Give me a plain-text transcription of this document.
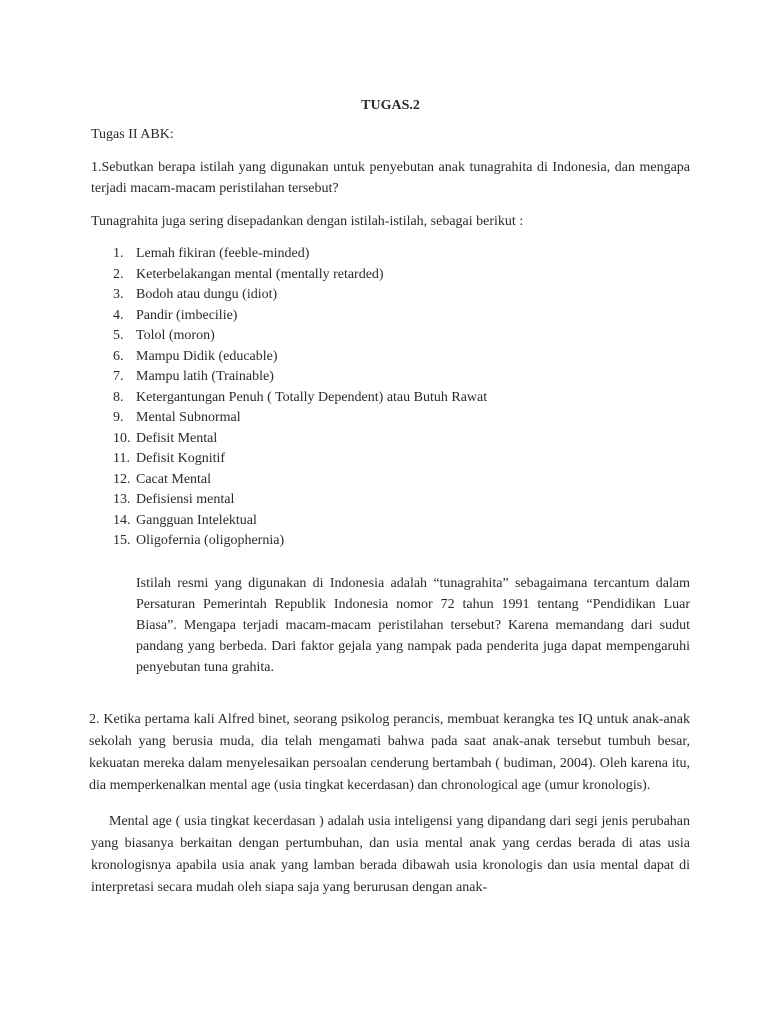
TUGAS.2

Tugas II ABK:

1.Sebutkan berapa istilah yang digunakan untuk penyebutan anak tunagrahita di Indonesia, dan mengapa terjadi macam-macam peristilahan tersebut?

Tunagrahita juga sering disepadankan dengan istilah-istilah, sebagai berikut :

1. Lemah fikiran (feeble-minded)
2. Keterbelakangan mental (mentally retarded)
3. Bodoh atau dungu (idiot)
4. Pandir (imbecilie)
5. Tolol (moron)
6. Mampu Didik (educable)
7. Mampu latih (Trainable)
8. Ketergantungan Penuh ( Totally Dependent) atau Butuh Rawat
9. Mental Subnormal
10. Defisit Mental
11. Defisit Kognitif
12. Cacat Mental
13. Defisiensi mental
14. Gangguan Intelektual
15. Oligofernia (oligophernia)

Istilah resmi yang digunakan di Indonesia adalah “tunagrahita” sebagaimana tercantum dalam Persaturan Pemerintah Republik Indonesia nomor 72 tahun 1991 tentang “Pendidikan Luar Biasa”. Mengapa terjadi macam-macam peristilahan tersebut? Karena memandang dari sudut pandang yang berbeda. Dari faktor gejala yang nampak pada penderita juga dapat mempengaruhi penyebutan tuna grahita.

2. Ketika pertama kali Alfred binet, seorang psikolog perancis, membuat kerangka tes IQ untuk anak-anak sekolah yang berusia muda, dia telah mengamati bahwa pada saat anak-anak tersebut tumbuh besar, kekuatan mereka dalam menyelesaikan persoalan cenderung bertambah ( budiman, 2004). Oleh karena itu, dia memperkenalkan mental age (usia tingkat kecerdasan) dan chronological age (umur kronologis).

Mental age ( usia tingkat kecerdasan ) adalah usia inteligensi yang dipandang dari segi jenis perubahan yang biasanya berkaitan dengan pertumbuhan, dan usia mental anak yang cerdas berada di atas usia kronologisnya apabila usia anak yang lamban berada dibawah usia kronologis dan usia mental dapat di interpretasi secara mudah oleh siapa saja yang berurusan dengan anak-
